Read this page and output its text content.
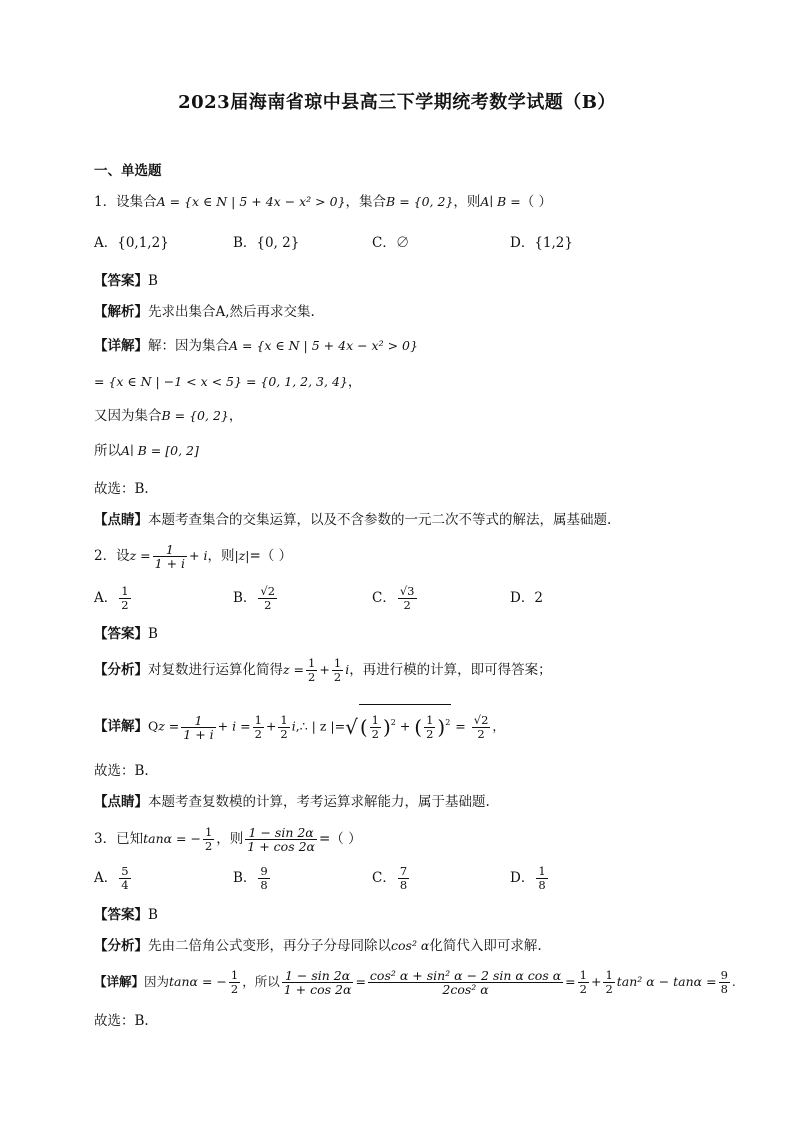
2023届海南省琼中县高三下学期统考数学试题（B）
一、单选题
1．设集合A = {x ∈ N | 5 + 4x − x² > 0}，集合B = {0, 2}，则A∣ B =（ ）
A．{0,1,2}	B．{0, 2}	C．∅	D．{1,2}
【答案】B
【解析】先求出集合A,然后再求交集.
【详解】解：因为集合A = {x ∈ N | 5 + 4x − x² > 0}
= {x ∈ N | −1 < x < 5} = {0, 1, 2, 3, 4}，
又因为集合B = {0, 2}，
所以A∣ B = [0, 2]
故选：B.
【点睛】本题考查集合的交集运算，以及不含参数的一元二次不等式的解法，属基础题.
2．设$z = \frac{1}{1 + i} + i$，则|z|=（ ）
A． $\frac{1}{2}$	B． $\frac{√2}{2}$	C． $\frac{√3}{2}$	D．2
【答案】B
【分析】对复数进行运算化简得$z = \frac{1}{2} + \frac{1}{2}$ i，再进行模的计算，即可得答案；
【详解】$Qz = \frac{1}{1 + i} + i = \frac{1}{2} + \frac{1}{2}$ i,∴ | z |=√ ( $\frac{1}{2} )^2$ + ( $\frac{1}{2} )^2 = \frac{√2}{2}$ ，
故选：B.
【点睛】本题考查复数模的计算，考考运算求解能力，属于基础题.
3．已知tanα = − $\frac{1}{2}$ ，则 $\frac{1 - \sin 2\alpha}{1 + \cos 2\alpha}$ =（ ）
A． $\frac{5}{4}$	B． $\frac{9}{8}$	C． $\frac{7}{8}$	D． $\frac{1}{8}$
【答案】B
【分析】先由二倍角公式变形，再分子分母同除以cos² α化简代入即可求解.
【详解】因为tanα = − $\frac{1}{2}$ ，所以 $\frac{1 - \sin 2\alpha}{1 + \cos 2\alpha} = \frac{\text{cos² α + sin² α − 2 sin α cos α}}{\text{2cos² α}} = \frac{1}{2} + \frac{1}{2} \tan^2$ $\alpha - \tan\alpha = \frac{9}{8}$ .
故选：B.
